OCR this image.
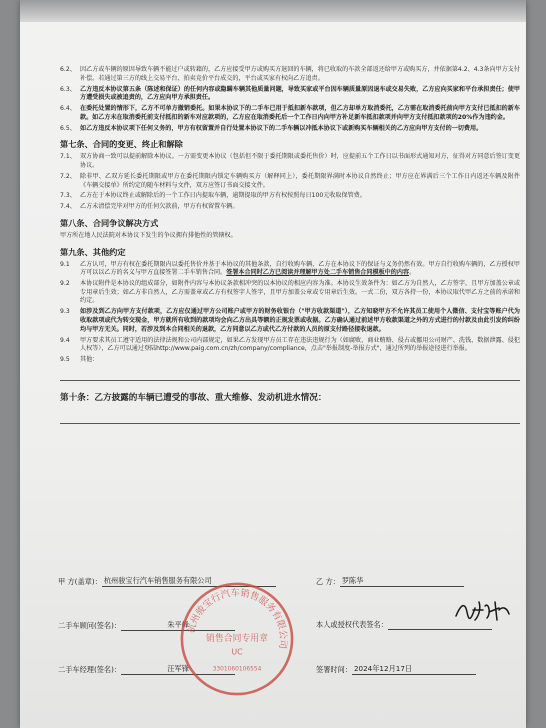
6.2、 因乙方或车辆的原因导致车辆不能过户或转籍的，乙方应接受甲方或购买方退回的车辆，将已收取的车款全部返还给甲方或购买方，并依据第4.2、4.3条向甲方支付补偿。若通过第三方的线上交易平台、拍卖竞价平台成交的，平台或买家有权向乙方追责。
6.3、 乙方违反本协议第五条（陈述和保证）的任何内容或隐瞒车辆其他质量问题，导致买家或平台因车辆质量原因退车或交易失败，乙方应向买家和平台承担责任；使甲方遭受损失或被追责的，乙方应向甲方承担责任。
6.4、 在委托处置的情形下，乙方不可单方撤销委托。如果本协议下的二手车已用于抵扣新车款项，但乙方却单方取消委托，乙方需在取消委托前向甲方支付已抵扣的新车款。如乙方未在取消委托前支付抵扣的新车对应款项的，乙方应在取消委托后一个工作日内向甲方补足新车抵扣款项并向甲方支付抵扣款项的20%作为违约金。
6.5、 如乙方违反本协议项下任何义务的，甲方有权留置并自行处置本协议下的二手车辆以冲抵本协议下或新购买车辆相关的乙方应向甲方支付的一切费用。
第七条、合同的变更、终止和解除
7.1、 双方协商一致可以提前解除本协议。一方需变更本协议（包括但不限于委托期限或委托售价）时，应提前五个工作日以书面形式通知对方，征得对方同意后签订变更协议。
7.2、 除非甲、乙双方延长委托期限或甲方在委托期限内锁定车辆购买方（解释同上），委托期限界满时本协议自然终止；甲方应在界满后三个工作日内返还车辆及附件《车辆交接单》所约定的随车材料与文件，双方应签订书面交接文件。
7.3、 乙方在于本协议终止或解除后的一个工作日内提取车辆，逾期提取的甲方有权按照每日100元收取保管费。
7.4、 乙方未清偿完毕对甲方的任何欠款前，甲方有权留置车辆。
第八条、合同争议解决方式
甲方所在地人民法院对本协议下发生的争议拥有排他性的管辖权。
第九条、其他约定
9.1	乙方认可，甲方有权在委托期限内以委托售价并基于本协议的其他条款，自行收购车辆，乙方在本协议下的保证与义务仍然有效。甲方自行收购车辆的，乙方授权甲方可以以乙方的名义与甲方直接签署二手车销售合同。签署本合同时乙方已阅读并理解甲方处二手车销售合同模板中的内容。
9.2	本协议附件是本协议的组成部分，如附件内容与本协议条款相冲突的以本协议的相应内容为准。本协议生效条件为：如乙方为自然人，乙方签字，且甲方加盖公章或专用章后生效；如乙方非自然人，乙方需盖章或乙方有权签字人签字，且甲方加盖公章或专用章后生效。一式二份，双方各持一份，本协议取代甲乙方之前的承诺和约定。
9.3	如涉及到乙方向甲方支付款项，乙方应仅通过甲方公司账户或甲方的财务收银台（"甲方收款渠道"），乙方知晓甲方不允许其员工使用个人微信、支付宝等账户代为收取款项或代为转交现金，甲方就所有收到的款项均会向乙方出具等额的正规发票或收据。乙方确认通过前述甲方收款渠道之外的方式进行的付款及由此引发的纠纷均与甲方无关。同时，若涉及到本合同相关的退款，乙方同意以乙方或代乙方付款的人员的原支付路径接收退款。
9.4	甲方要求其员工遵守适用的法律法规和公司内部规定，如果乙方发现甲方员工存在违法违规行为（如腐败、商业贿赂、侵占或挪用公司财产、洗钱、数据泄露、侵犯人权等），乙方可以通过登陆http://www.paig.com.cn/zh/company/compliance，点击"举报制度-举报方式"，通过所列的举报途径进行举报。
9.5	其他：
第十条：乙方披露的车辆已遭受的事故、重大维修、发动机进水情况：
甲 方(盖章)： 杭州骏宝行汽车销售服务有限公司
二手车顾问(签名)：	朱平峰
二手车经理(签名)：	汪军锋
乙 方： 罗陈华
本人或授权代表签名：
签署时间： 2024年12月17日
杭州骏宝行汽车销售服务有限公司
销售合同专用章
UC
3301060106554
